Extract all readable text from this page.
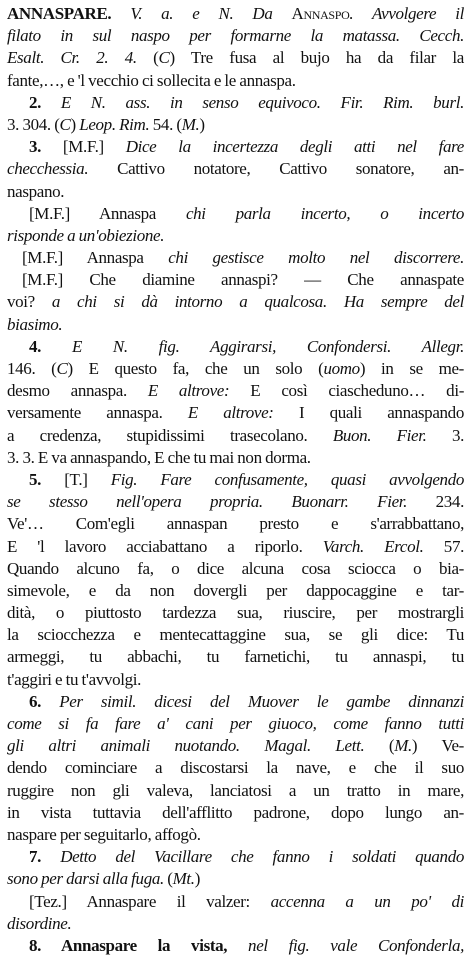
ANNASPARE. V. a. e N. Da Annaspo. Avvolgere il
filato in sul naspo per formarne la matassa. Cecch.
Esalt. Cr. 2. 4. (C) Tre fusa al bujo ha da filar la
fante,…, e 'l vecchio ci sollecita e le annaspa.
2. E N. ass. in senso equivoco. Fir. Rim. burl.
3. 304. (C) Leop. Rim. 54. (M.)
3. [M.F.] Dice la incertezza degli atti nel fare
checchessia. Cattivo notatore, Cattivo sonatore, an-
naspano.
[M.F.] Annaspa chi parla incerto, o incerto
risponde a un'obiezione.
[M.F.] Annaspa chi gestisce molto nel discorrere.
[M.F.] Che diamine annaspi? — Che annaspate
voi? a chi si dà intorno a qualcosa. Ha sempre del
biasimo.
4. E N. fig. Aggirarsi, Confondersi. Allegr.
146. (C) E questo fa, che un solo (uomo) in se me-
desmo annaspa. E altrove: E così ciascheduno… di-
versamente annaspa. E altrove: I quali annaspando
a credenza, stupidissimi trasecolano. Buon. Fier. 3.
3. 3. E va annaspando, E che tu mai non dorma.
5. [T.] Fig. Fare confusamente, quasi avvolgendo
se stesso nell'opera propria. Buonarr. Fier. 234.
Ve'… Com'egli annaspan presto e s'arrabbattano,
E 'l lavoro acciabattano a riporlo. Varch. Ercol. 57.
Quando alcuno fa, o dice alcuna cosa sciocca o bia-
simevole, e da non dovergli per dappocaggine e tar-
dità, o piuttosto tardezza sua, riuscire, per mostrargli
la sciocchezza e mentecattaggine sua, se gli dice: Tu
armeggi, tu abbachi, tu farnetichi, tu annaspi, tu
t'aggiri e tu t'avvolgi.
6. Per simil. dicesi del Muover le gambe dinnanzi
come si fa fare a' cani per giuoco, come fanno tutti
gli altri animali nuotando. Magal. Lett. (M.) Ve-
dendo cominciare a discostarsi la nave, e che il suo
ruggire non gli valeva, lanciatosi a un tratto in mare,
in vista tuttavia dell'afflitto padrone, dopo lungo an-
naspare per seguitarlo, affogò.
7. Detto del Vacillare che fanno i soldati quando
sono per darsi alla fuga. (Mt.)
[Tez.] Annaspare il valzer: accenna a un po' di
disordine.
8. Annaspare la vista, nel fig. vale Confonderla,
